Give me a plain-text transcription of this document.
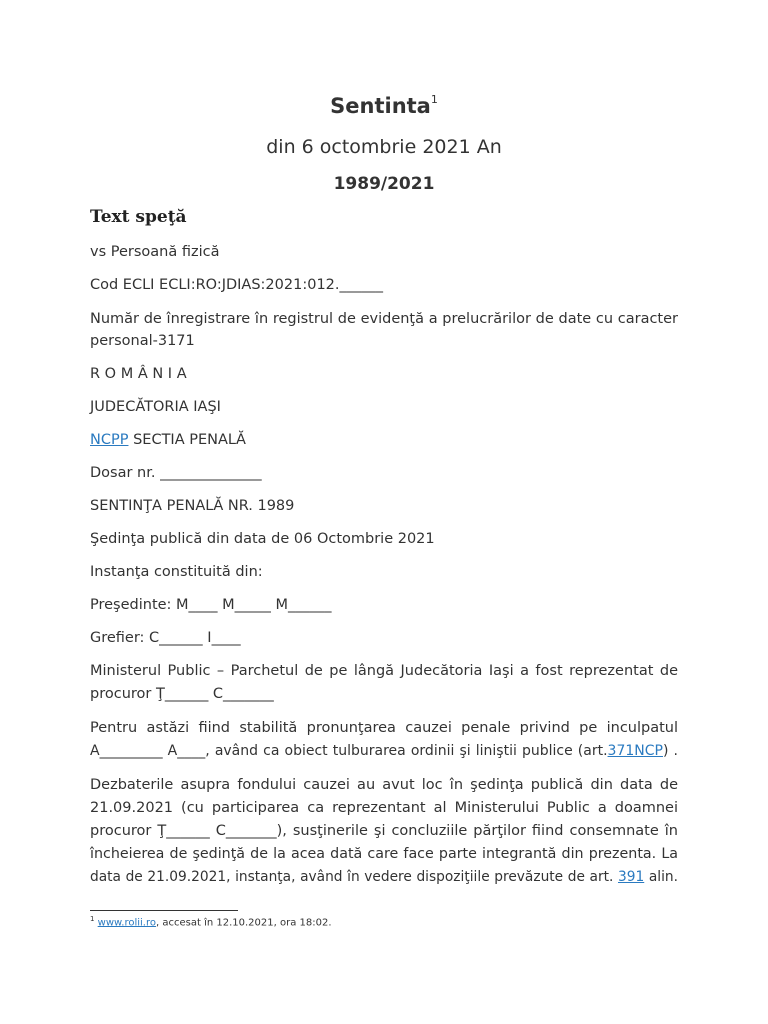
Sentinta$^1$
din 6 octombrie 2021 An
1989/2021
Text speţă
vs Persoană fizică
Cod ECLI ECLI:RO:JDIAS:2021:012.______
Număr de înregistrare în registrul de evidenţă a prelucrărilor de date cu caracter
personal-3171
R O M Â N I A
JUDECĂTORIA IAŞI
NCPP SECTIA PENALĂ
Dosar nr. ______________
SENTINŢA PENALĂ NR. 1989
Şedinţa publică din data de 06 Octombrie 2021
Instanţa constituită din:
Preşedinte: M____ M_____ M______
Grefier: C______ I____
Ministerul Public – Parchetul de pe lângă Judecătoria Iaşi a fost reprezentat de
procuror Ţ______ C_______
Pentru astăzi fiind stabilită pronunţarea cauzei penale privind pe inculpatul
A_________ A____, având ca obiect tulburarea ordinii şi liniştii publice (art.371NCP) .
Dezbaterile asupra fondului cauzei au avut loc în şedinţa publică din data de
21.09.2021 (cu participarea ca reprezentant al Ministerului Public a doamnei
procuror Ţ______ C_______), susţinerile şi concluziile părţilor fiind consemnate în
încheierea de şedinţă de la acea dată care face parte integrantă din prezenta. La
data de 21.09.2021, instanţa, având în vedere dispoziţiile prevăzute de art. 391 alin.
$^1$ www.rolii.ro, accesat în 12.10.2021, ora 18:02.
